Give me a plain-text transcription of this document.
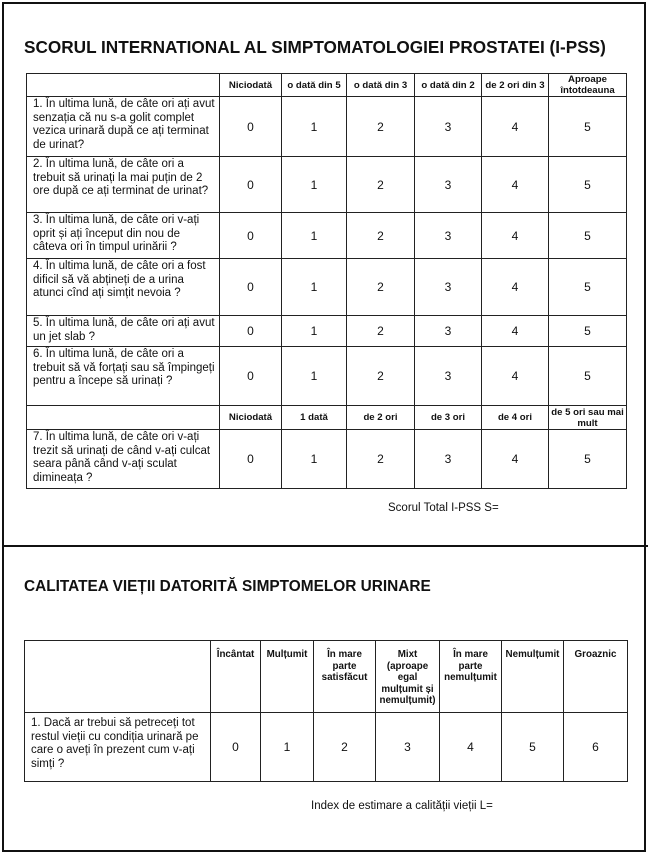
SCORUL INTERNATIONAL AL SIMPTOMATOLOGIEI PROSTATEI (I-PSS)
	Niciodată	o dată din 5	o dată din 3	o dată din 2	de 2 ori din 3	Aproape întotdeauna
1. În ultima lună, de câte ori ați avut senzația că nu s-a golit complet vezica urinară după ce ați terminat de urinat?	0	1	2	3	4	5
2. În ultima lună, de câte ori a trebuit să urinați la mai puțin de 2 ore după ce ați terminat de urinat?	0	1	2	3	4	5
3. În ultima lună, de câte ori v-ați oprit și ați început din nou de câteva ori în timpul urinării ?	0	1	2	3	4	5
4. În ultima lună, de câte ori a fost dificil să vă abțineți de a urina atunci cînd ați simțit nevoia ?	0	1	2	3	4	5
5. În ultima lună, de câte ori ați avut un jet slab ?	0	1	2	3	4	5
6. În ultima lună, de câte ori a trebuit să vă forțați sau să împingeți pentru a începe să urinați ?	0	1	2	3	4	5
	Niciodată	1 dată	de 2 ori	de 3 ori	de 4 ori	de 5 ori sau mai mult
7. În ultima lună, de câte ori v-ați trezit să urinați de când v-ați culcat seara până când v-ați sculat dimineața ?	0	1	2	3	4	5
Scorul Total I-PSS S=
CALITATEA VIEȚII DATORITĂ SIMPTOMELOR URINARE
	Încântat	Mulțumit	În mare parte satisfăcut	Mixt (aproape egal mulțumit și nemulțumit)	În mare parte nemulțumit	Nemulțumit	Groaznic
1. Dacă ar trebui să petreceți tot restul vieții cu condiția urinară pe care o aveți în prezent cum v-ați simți ?	0	1	2	3	4	5	6
Index de estimare a calității vieții L=
